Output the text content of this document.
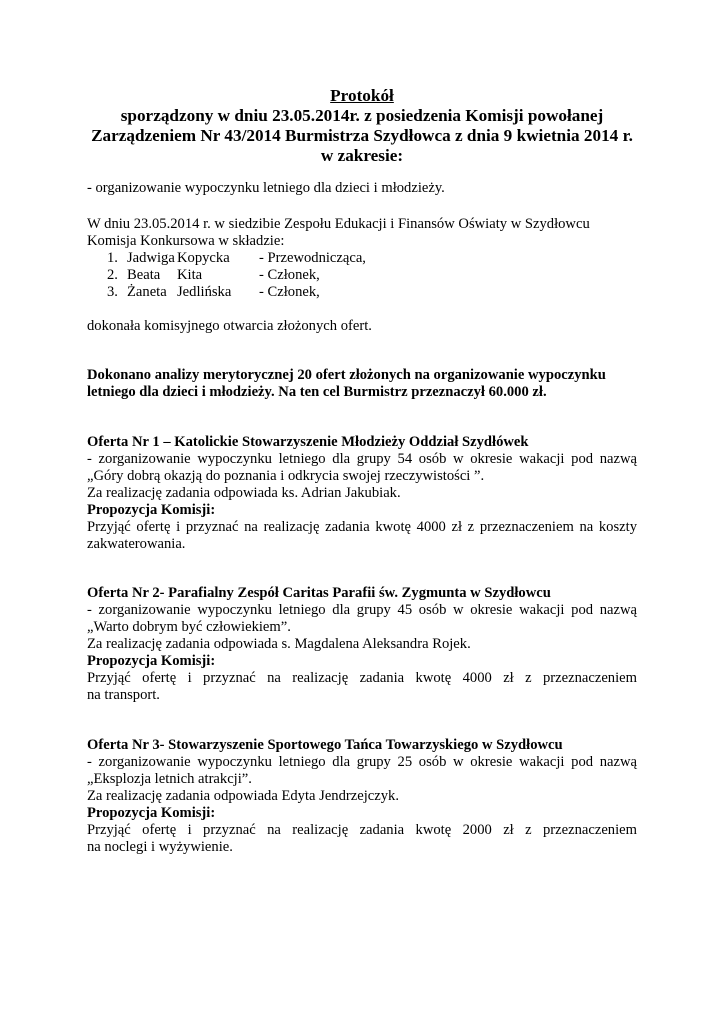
Protokół
sporządzony w dniu 23.05.2014r. z posiedzenia Komisji powołanej
Zarządzeniem Nr 43/2014 Burmistrza Szydłowca z dnia 9 kwietnia 2014 r.
w zakresie:
- organizowanie wypoczynku letniego dla dzieci i młodzieży.
W dniu 23.05.2014 r. w siedzibie Zespołu Edukacji i Finansów Oświaty w Szydłowcu
Komisja Konkursowa w składzie:
1. Jadwiga Kopycka	- Przewodnicząca,
2. Beata	Kita	- Członek,
3. Żaneta Jedlińska	- Członek,
dokonała komisyjnego otwarcia złożonych ofert.
Dokonano analizy merytorycznej 20 ofert złożonych na organizowanie wypoczynku
letniego dla dzieci i młodzieży. Na ten cel Burmistrz przeznaczył 60.000 zł.
Oferta Nr 1 – Katolickie Stowarzyszenie Młodzieży Oddział Szydłówek
- zorganizowanie wypoczynku letniego dla grupy 54 osób w okresie wakacji pod nazwą
„Góry dobrą okazją do poznania i odkrycia swojej rzeczywistości ”.
Za realizację zadania odpowiada ks. Adrian Jakubiak.
Propozycja Komisji:
Przyjąć ofertę i przyznać na realizację zadania kwotę 4000 zł z przeznaczeniem na koszty
zakwaterowania.
Oferta Nr 2- Parafialny Zespół Caritas Parafii św. Zygmunta w Szydłowcu
- zorganizowanie wypoczynku letniego dla grupy 45 osób w okresie wakacji pod nazwą
„Warto dobrym być człowiekiem”.
Za realizację zadania odpowiada s. Magdalena Aleksandra Rojek.
Propozycja Komisji:
Przyjąć ofertę i przyznać na realizację zadania kwotę 4000 zł z przeznaczeniem
na transport.
Oferta Nr 3- Stowarzyszenie Sportowego Tańca Towarzyskiego w Szydłowcu
- zorganizowanie wypoczynku letniego dla grupy 25 osób w okresie wakacji pod nazwą
„Eksplozja letnich atrakcji”.
Za realizację zadania odpowiada Edyta Jendrzejczyk.
Propozycja Komisji:
Przyjąć ofertę i przyznać na realizację zadania kwotę 2000 zł z przeznaczeniem
na noclegi i wyżywienie.
